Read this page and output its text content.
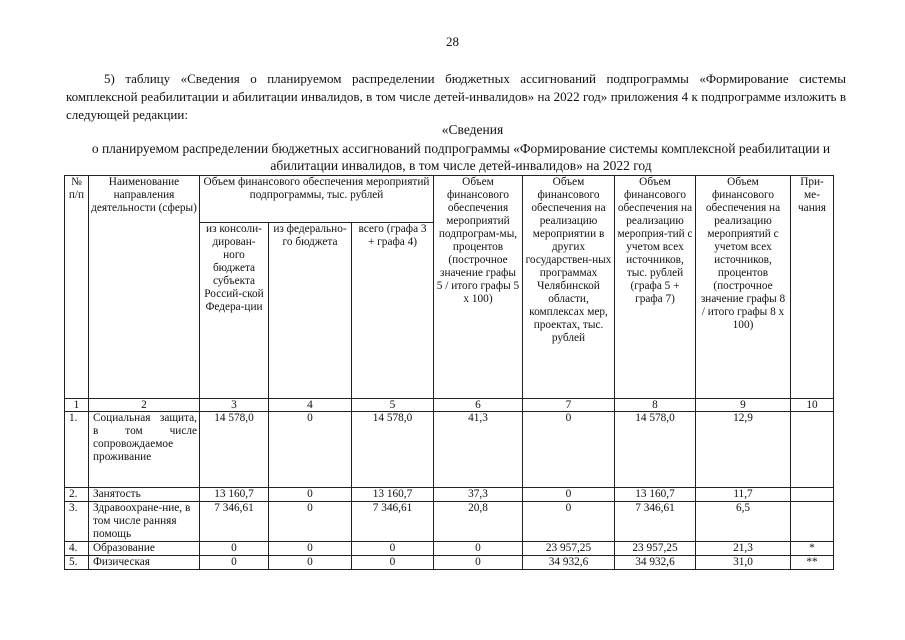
28
5) таблицу «Сведения о планируемом распределении бюджетных ассигнований подпрограммы «Формирование системы комплексной реабилитации и абилитации инвалидов, в том числе детей-инвалидов» на 2022 год» приложения 4 к подпрограмме изложить в следующей редакции:
«Сведения
о планируемом распределении бюджетных ассигнований подпрограммы «Формирование системы комплексной реабилитации и абилитации инвалидов, в том числе детей-инвалидов» на 2022 год
№ п/п	Наименование направления деятельности (сферы)	Объем финансового обеспечения мероприятий подпрограммы, тыс. рублей			Объем финансового обеспечения мероприятий подпрограм-мы, процентов (построчное значение графы 5 / итого графы 5 х 100)	Объем финансового обеспечения на реализацию мероприятии в других государствен-ных программах Челябинской области, комплексах мер, проектах, тыс. рублей	Объем финансового обеспечения на реализацию мероприя-тий с учетом всех источников, тыс. рублей (графа 5 + графа 7)	Объем финансового обеспечения на реализацию мероприятий с учетом всех источников, процентов (построчное значение графы 8 / итого графы 8 х 100)	При-ме-чания
		из консоли-дирован-ного бюджета субъекта Россий-ской Федера-ции	из федерально-го бюджета	всего (графа 3 + графа 4)					
1	2	3	4	5	6	7	8	9	10
1.	Социальная защита, в том числе сопровождаемое проживание	14 578,0	0	14 578,0	41,3	0	14 578,0	12,9	
2.	Занятость	13 160,7	0	13 160,7	37,3	0	13 160,7	11,7	
3.	Здравоохране-ние, в том числе ранняя помощь	7 346,61	0	7 346,61	20,8	0	7 346,61	6,5	
4.	Образование	0	0	0	0	23 957,25	23 957,25	21,3	*
5.	Физическая	0	0	0	0	34 932,6	34 932,6	31,0	**
